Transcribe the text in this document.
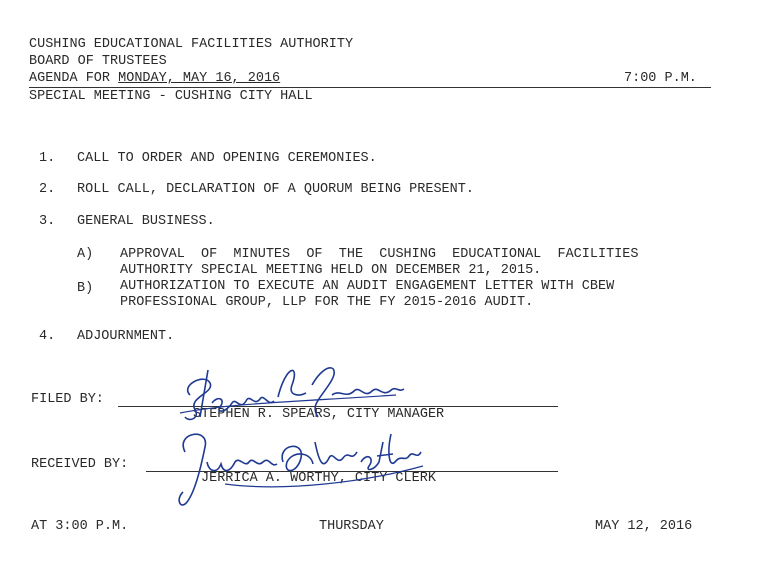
CUSHING EDUCATIONAL FACILITIES AUTHORITY
BOARD OF TRUSTEES
AGENDA FOR MONDAY, MAY 16, 2016	7:00 P.M.
SPECIAL MEETING - CUSHING CITY HALL
1. CALL TO ORDER AND OPENING CEREMONIES.
2. ROLL CALL, DECLARATION OF A QUORUM BEING PRESENT.
3. GENERAL BUSINESS.
A) APPROVAL  OF  MINUTES  OF  THE  CUSHING  EDUCATIONAL  FACILITIES
AUTHORITY SPECIAL MEETING HELD ON DECEMBER 21, 2015.
B) AUTHORIZATION TO EXECUTE AN AUDIT ENGAGEMENT LETTER WITH CBEW
PROFESSIONAL GROUP, LLP FOR THE FY 2015-2016 AUDIT.
4. ADJOURNMENT.
FILED BY:
STEPHEN R. SPEARS, CITY MANAGER
RECEIVED BY:
JERRICA A. WORTHY, CITY CLERK
AT 3:00 P.M.	THURSDAY	MAY 12, 2016
